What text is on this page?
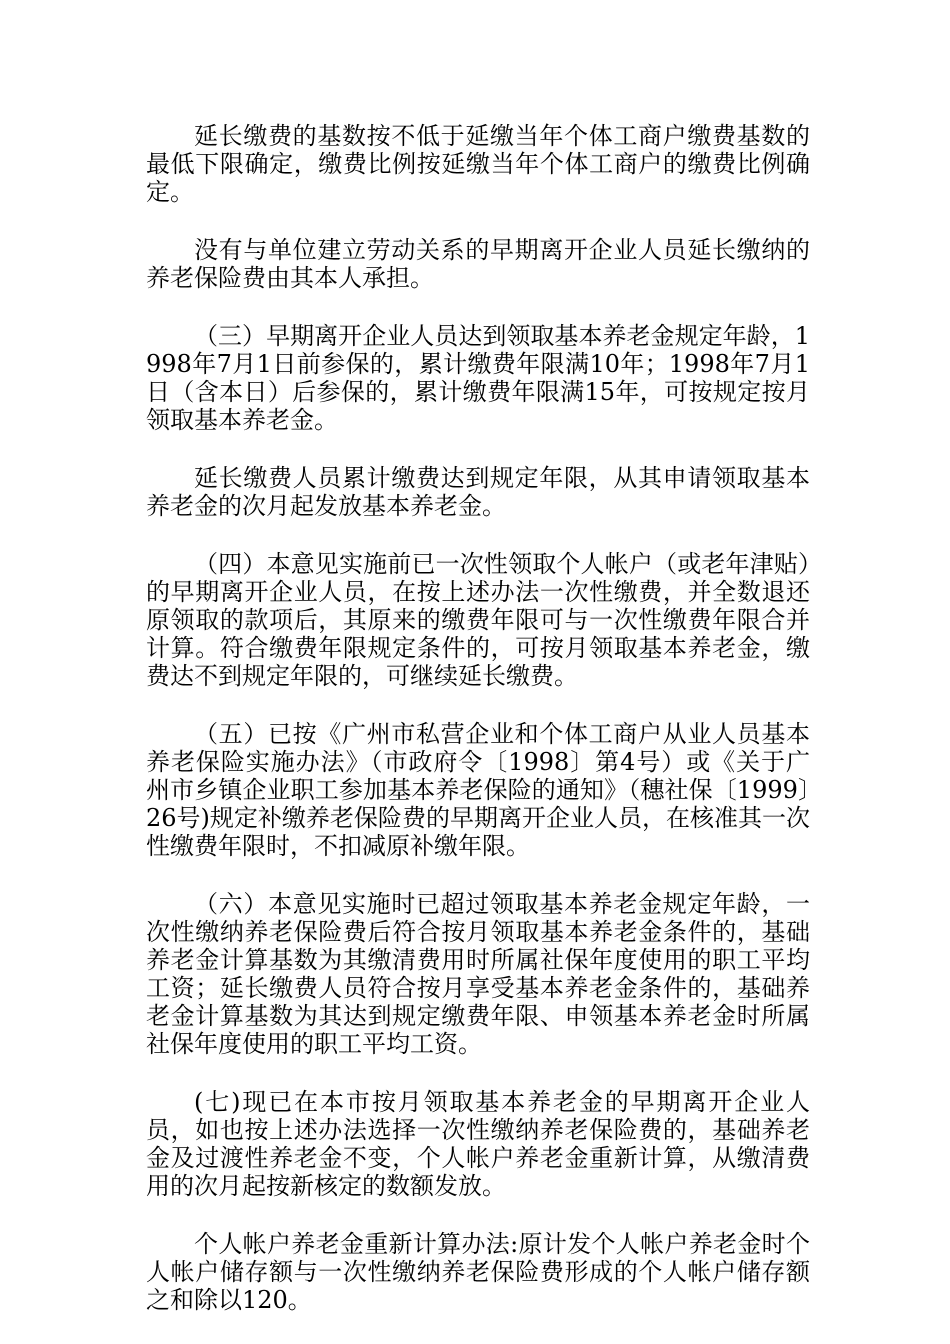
延长缴费的基数按不低于延缴当年个体工商户缴费基数的最低下限确定，缴费比例按延缴当年个体工商户的缴费比例确定。

没有与单位建立劳动关系的早期离开企业人员延长缴纳的养老保险费由其本人承担。

（三）早期离开企业人员达到领取基本养老金规定年龄，1998年7月1日前参保的，累计缴费年限满10年；1998年7月1日（含本日）后参保的，累计缴费年限满15年，可按规定按月领取基本养老金。

延长缴费人员累计缴费达到规定年限，从其申请领取基本养老金的次月起发放基本养老金。

（四）本意见实施前已一次性领取个人帐户（或老年津贴）的早期离开企业人员，在按上述办法一次性缴费，并全数退还原领取的款项后，其原来的缴费年限可与一次性缴费年限合并计算。符合缴费年限规定条件的，可按月领取基本养老金，缴费达不到规定年限的，可继续延长缴费。

（五）已按《广州市私营企业和个体工商户从业人员基本养老保险实施办法》（市政府令〔1998〕第4号）或《关于广州市乡镇企业职工参加基本养老保险的通知》（穗社保〔1999〕26号)规定补缴养老保险费的早期离开企业人员，在核准其一次性缴费年限时，不扣减原补缴年限。

（六）本意见实施时已超过领取基本养老金规定年龄，一次性缴纳养老保险费后符合按月领取基本养老金条件的，基础养老金计算基数为其缴清费用时所属社保年度使用的职工平均工资；延长缴费人员符合按月享受基本养老金条件的，基础养老金计算基数为其达到规定缴费年限、申领基本养老金时所属社保年度使用的职工平均工资。

(七)现已在本市按月领取基本养老金的早期离开企业人员，如也按上述办法选择一次性缴纳养老保险费的，基础养老金及过渡性养老金不变，个人帐户养老金重新计算，从缴清费用的次月起按新核定的数额发放。

个人帐户养老金重新计算办法:原计发个人帐户养老金时个人帐户储存额与一次性缴纳养老保险费形成的个人帐户储存额之和除以120。
